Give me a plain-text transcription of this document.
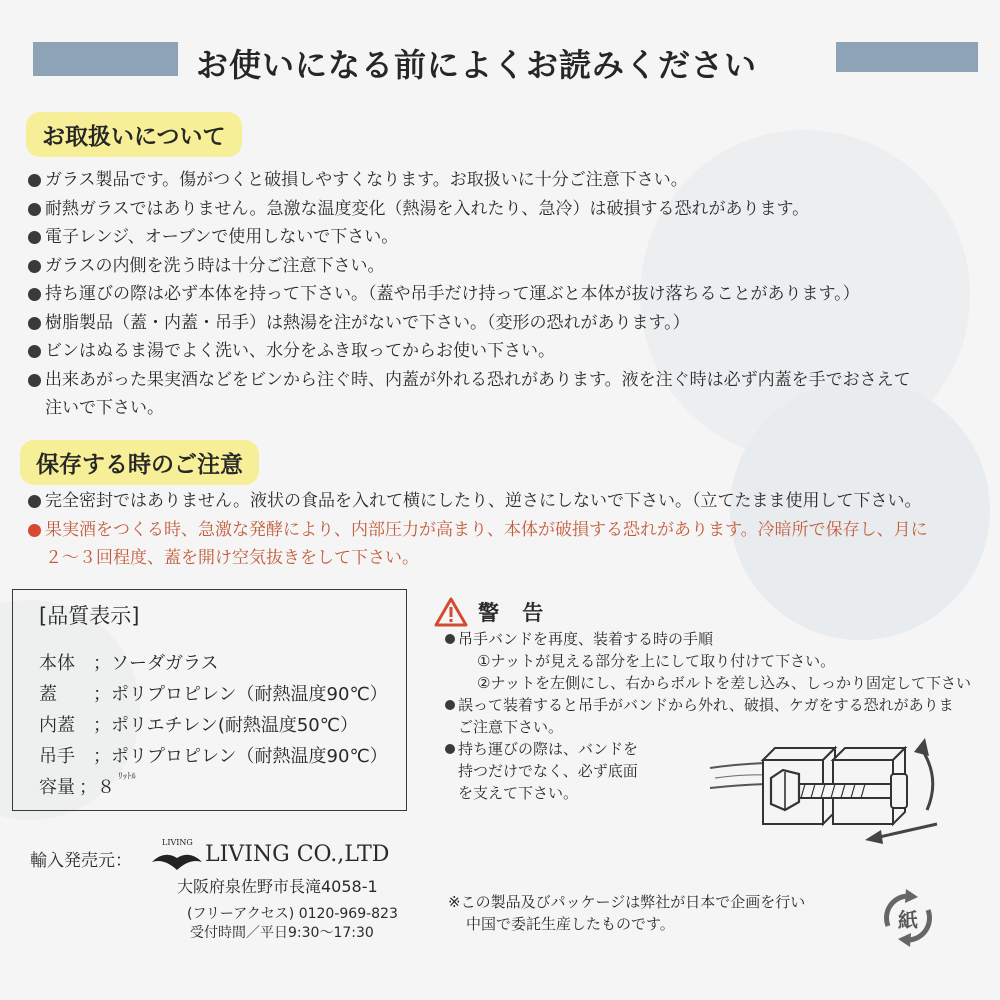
お使いになる前によくお読みください
お取扱いについて
ガラス製品です。傷がつくと破損しやすくなります。お取扱いに十分ご注意下さい。
耐熱ガラスではありません。急激な温度変化（熱湯を入れたり、急冷）は破損する恐れがあります。
電子レンジ、オーブンで使用しないで下さい。
ガラスの内側を洗う時は十分ご注意下さい。
持ち運びの際は必ず本体を持って下さい。（蓋や吊手だけ持って運ぶと本体が抜け落ちることがあります。）
樹脂製品（蓋・内蓋・吊手）は熱湯を注がないで下さい。（変形の恐れがあります。）
ビンはぬるま湯でよく洗い、水分をふき取ってからお使い下さい。
出来あがった果実酒などをビンから注ぐ時、内蓋が外れる恐れがあります。液を注ぐ時は必ず内蓋を手でおさえて
注いで下さい。
保存する時のご注意
完全密封ではありません。液状の食品を入れて横にしたり、逆さにしないで下さい。（立てたまま使用して下さい。
果実酒をつくる時、急激な発酵により、内部圧力が高まり、本体が破損する恐れがあります。冷暗所で保存し、月に
２～３回程度、蓋を開け空気抜きをして下さい。
[品質表示]
本体	；ソーダガラス
蓋　	；ポリプロピレン（耐熱温度90℃）
内蓋	；ポリエチレン(耐熱温度50℃）
吊手	；ポリプロピレン（耐熱温度90℃）
容量 ；８ ﾘｯﾄﾙ
警 告
吊手バンドを再度、装着する時の手順
①ナットが見える部分を上にして取り付けて下さい。
②ナットを左側にし、右からボルトを差し込み、しっかり固定して下さい
誤って装着すると吊手がバンドから外れ、破損、ケガをする恐れがありま
ご注意下さい。
持ち運びの際は、バンドを
持つだけでなく、必ず底面
を支えて下さい。
輸入発売元：
LIVING LIVING CO.,LTD
大阪府泉佐野市長滝4058-1
(フリーアクセス) 0120-969-823
受付時間／平日9:30～17:30
※この製品及びパッケージは弊社が日本で企画を行い
中国で委託生産したものです。	紙
